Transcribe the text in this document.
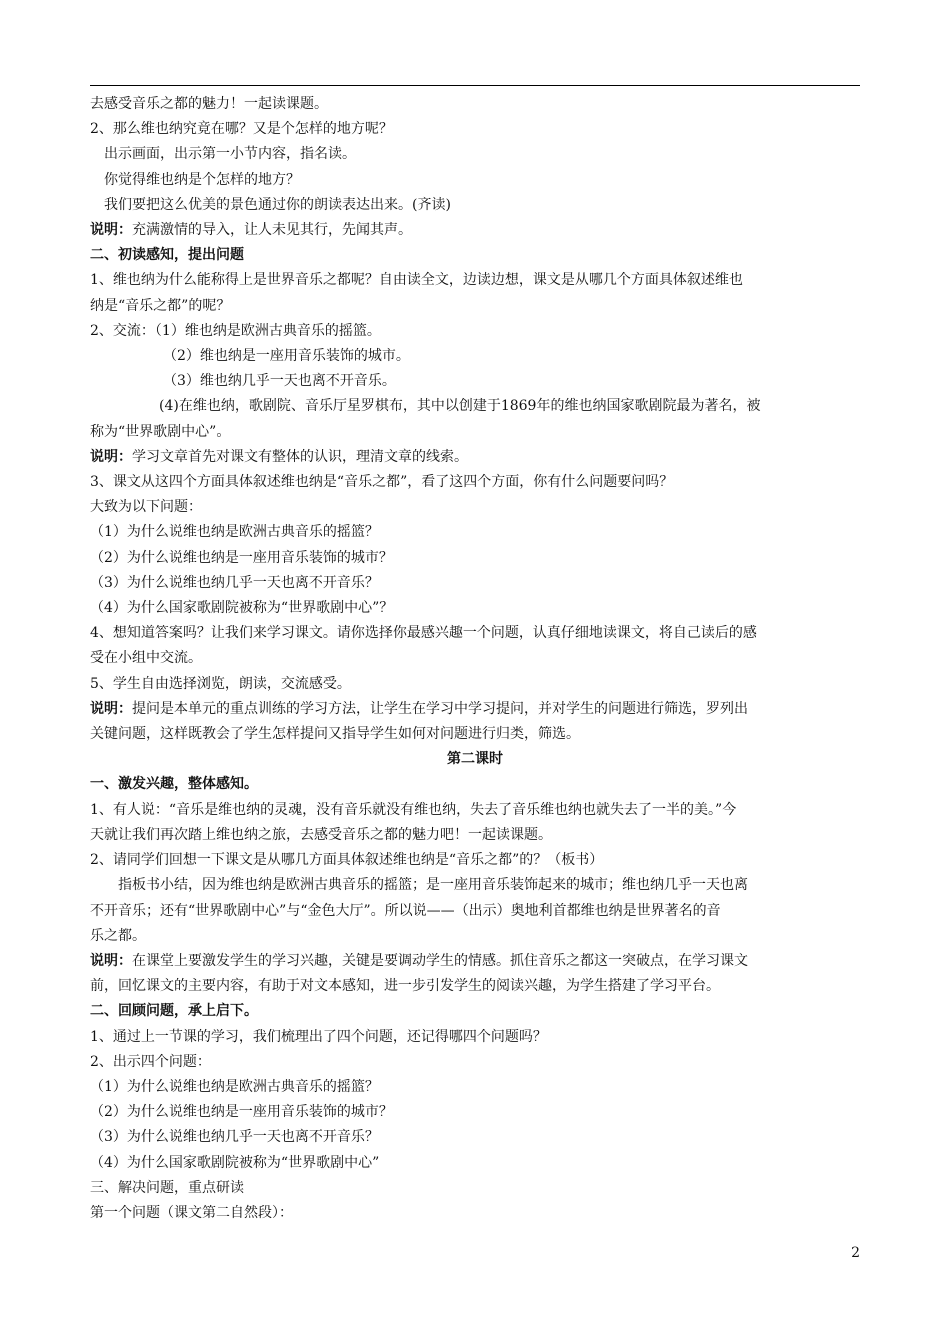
去感受音乐之都的魅力！一起读课题。
2、那么维也纳究竟在哪？又是个怎样的地方呢？
出示画面，出示第一小节内容，指名读。
你觉得维也纳是个怎样的地方？
我们要把这么优美的景色通过你的朗读表达出来。(齐读)
说明：充满激情的导入，让人未见其行，先闻其声。
二、初读感知，提出问题
1、维也纳为什么能称得上是世界音乐之都呢？自由读全文，边读边想，课文是从哪几个方面具体叙述维也
纳是“音乐之都”的呢？
2、交流：（1）维也纳是欧洲古典音乐的摇篮。
（2）维也纳是一座用音乐装饰的城市。
（3）维也纳几乎一天也离不开音乐。
(4)在维也纳，歌剧院、音乐厅星罗棋布，其中以创建于1869年的维也纳国家歌剧院最为著名，被
称为“世界歌剧中心”。
说明：学习文章首先对课文有整体的认识，理清文章的线索。
3、课文从这四个方面具体叙述维也纳是“音乐之都”，看了这四个方面，你有什么问题要问吗？
大致为以下问题：
（1）为什么说维也纳是欧洲古典音乐的摇篮？
（2）为什么说维也纳是一座用音乐装饰的城市？
（3）为什么说维也纳几乎一天也离不开音乐？
（4）为什么国家歌剧院被称为“世界歌剧中心”？
4、想知道答案吗？让我们来学习课文。请你选择你最感兴趣一个问题，认真仔细地读课文，将自己读后的感
受在小组中交流。
5、学生自由选择浏览，朗读，交流感受。
说明：提问是本单元的重点训练的学习方法，让学生在学习中学习提问，并对学生的问题进行筛选，罗列出
关键问题，这样既教会了学生怎样提问又指导学生如何对问题进行归类，筛选。
第二课时
一、激发兴趣，整体感知。
1、有人说：“音乐是维也纳的灵魂，没有音乐就没有维也纳，失去了音乐维也纳也就失去了一半的美。”今
天就让我们再次踏上维也纳之旅，去感受音乐之都的魅力吧！一起读课题。
2、请同学们回想一下课文是从哪几方面具体叙述维也纳是“音乐之都”的？（板书）
指板书小结，因为维也纳是欧洲古典音乐的摇篮；是一座用音乐装饰起来的城市；维也纳几乎一天也离
不开音乐；还有“世界歌剧中心”与“金色大厅”。所以说——（出示）奥地利首都维也纳是世界著名的音
乐之都。
说明：在课堂上要激发学生的学习兴趣，关键是要调动学生的情感。抓住音乐之都这一突破点，在学习课文
前，回忆课文的主要内容，有助于对文本感知，进一步引发学生的阅读兴趣，为学生搭建了学习平台。
二、回顾问题，承上启下。
1、通过上一节课的学习，我们梳理出了四个问题，还记得哪四个问题吗？
2、出示四个问题：
（1）为什么说维也纳是欧洲古典音乐的摇篮？
（2）为什么说维也纳是一座用音乐装饰的城市？
（3）为什么说维也纳几乎一天也离不开音乐？
（4）为什么国家歌剧院被称为“世界歌剧中心”
三、解决问题，重点研读
第一个问题（课文第二自然段）：
2
